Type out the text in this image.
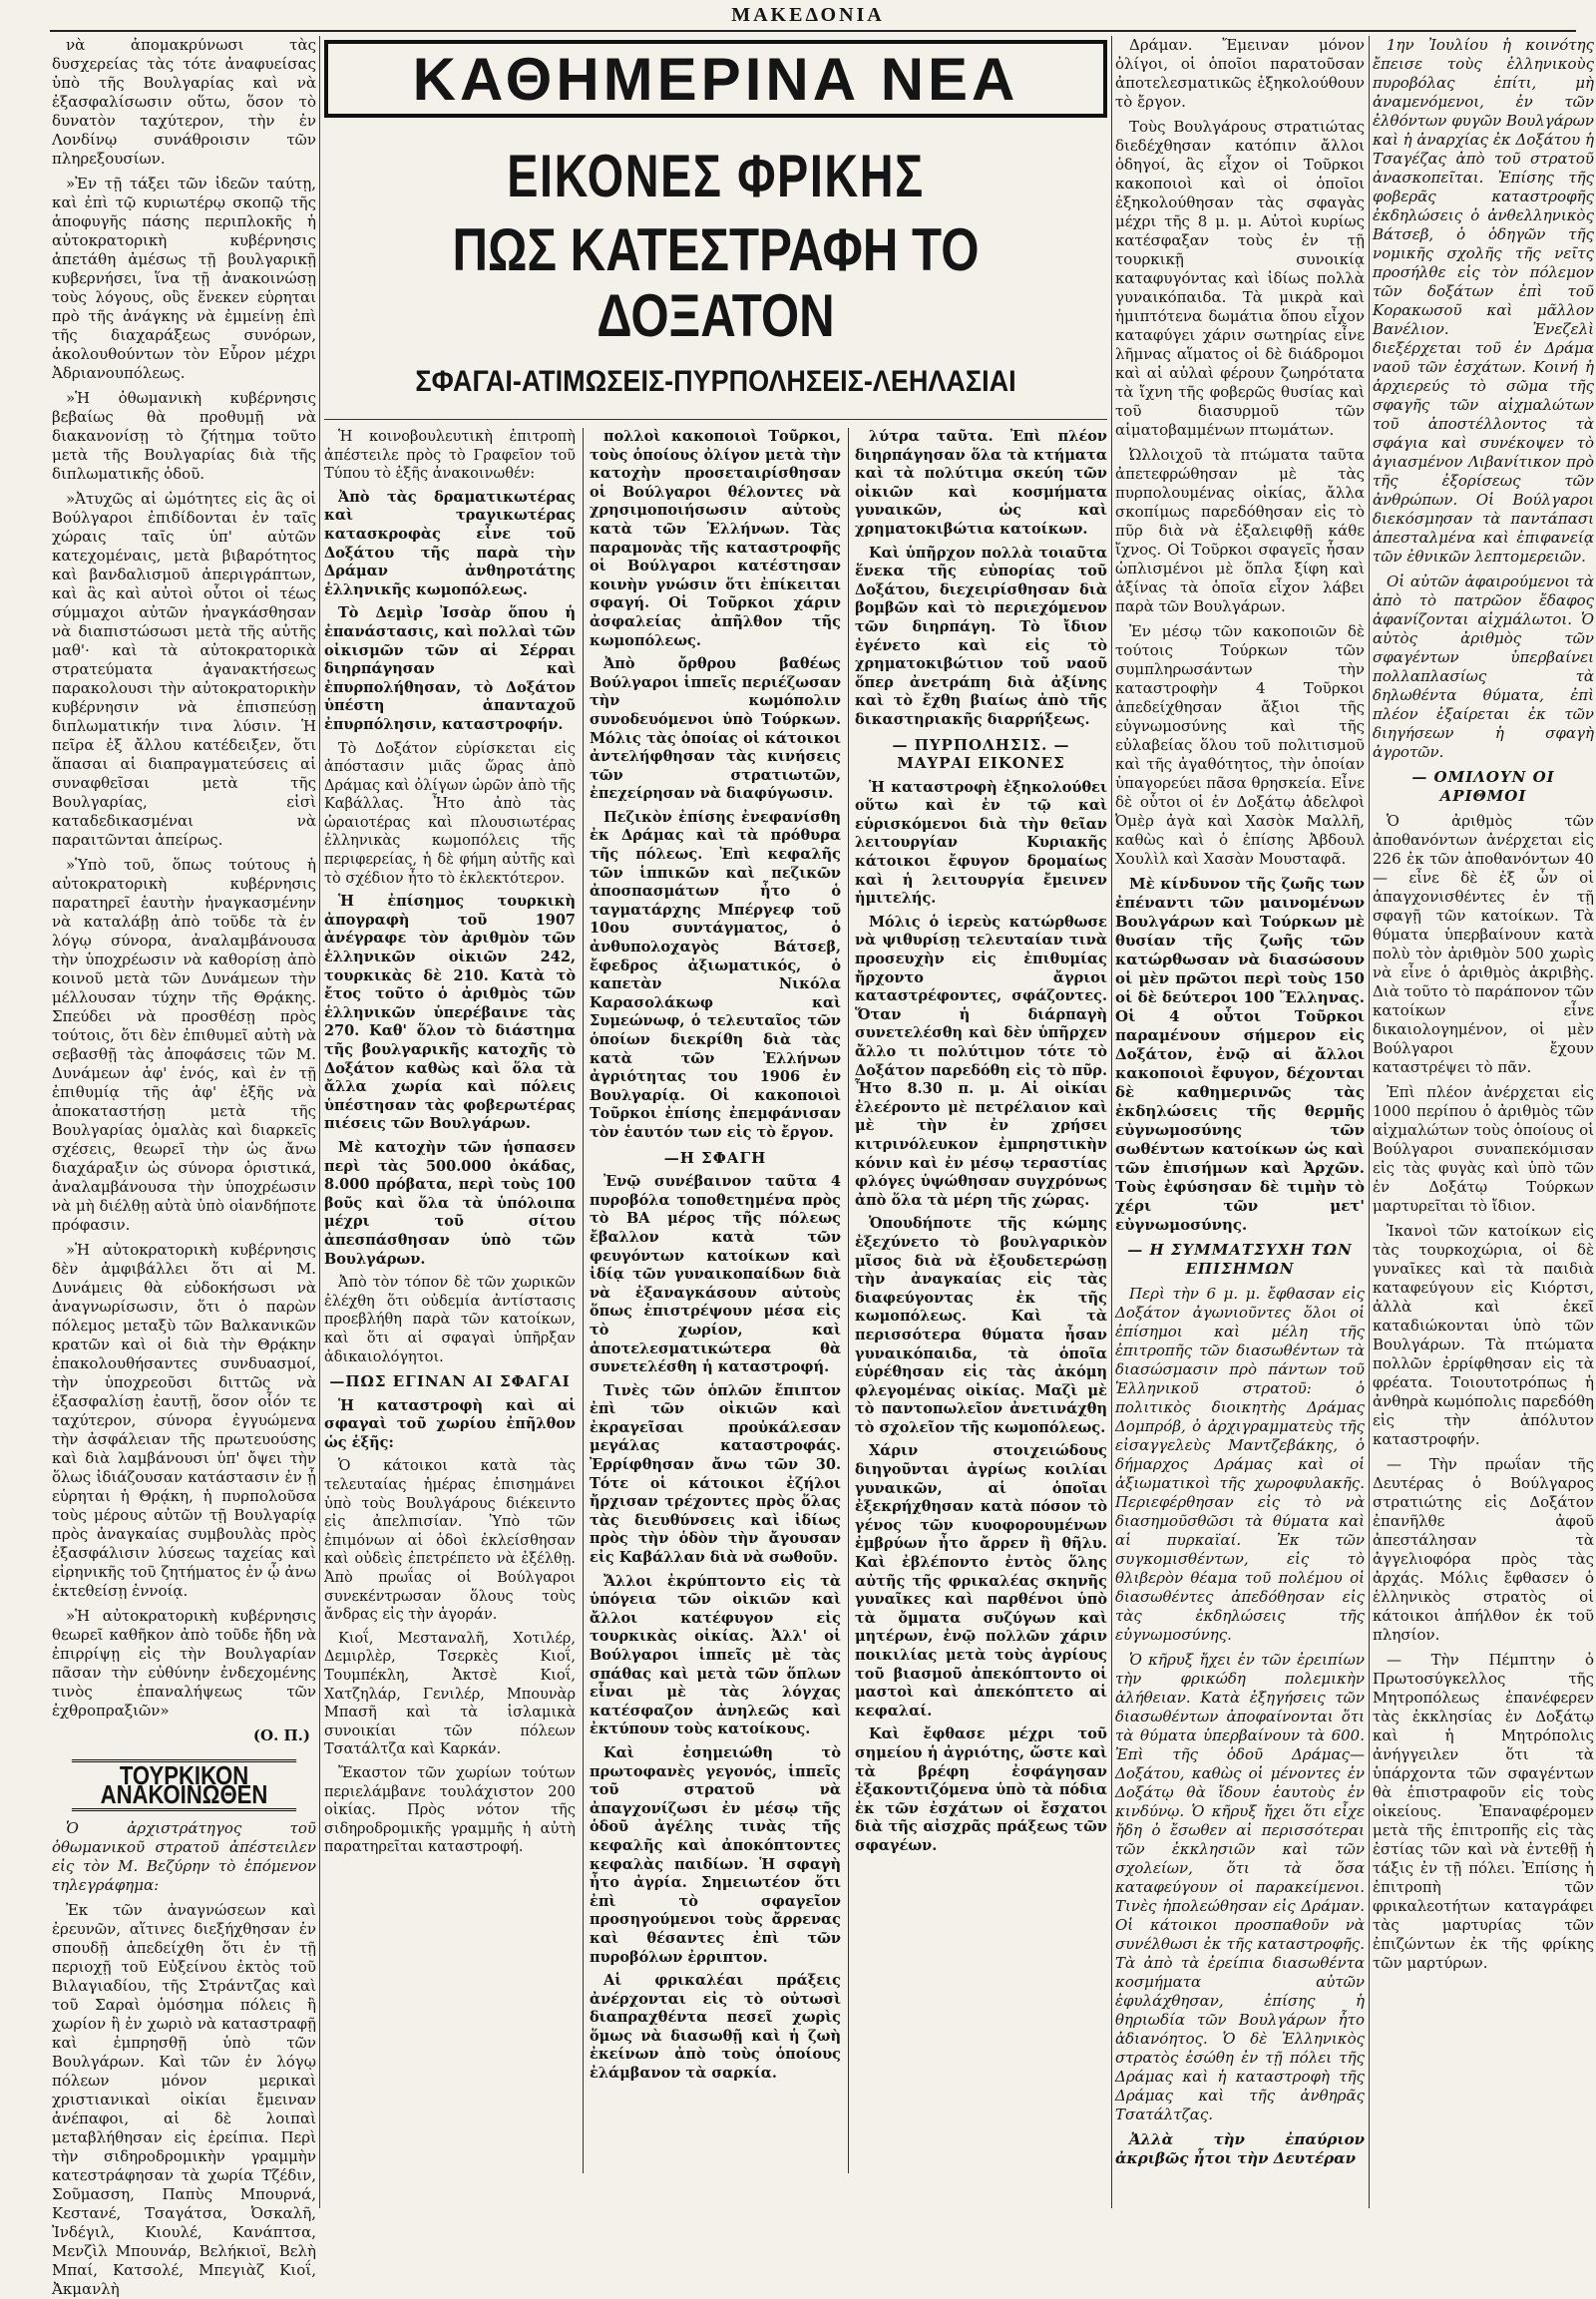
ΜΑΚΕΔΟΝΙΑ

νὰ ἀπομακρύνωσι τὰς δυσχερείας τὰς τότε ἀναφυείσας ὑπὸ τῆς Βουλγαρίας καὶ νὰ ἐξασφαλίσωσιν οὕτω, ὅσον τὸ δυνατὸν ταχύτερον, τὴν ἐν Λονδίνῳ συνάθροισιν τῶν πληρεξουσίων.

»Ἐν τῇ τάξει τῶν ἰδεῶν ταύτῃ, καὶ ἐπὶ τῷ κυριωτέρῳ σκοπῷ τῆς ἀποφυγῆς πάσης περιπλοκῆς ἡ αὐτοκρατορικὴ κυβέρνησις ἀπετάθη ἀμέσως τῇ βουλγαρικῇ κυβερνήσει, ἵνα τῇ ἀνακοινώσῃ τοὺς λόγους, οὓς ἕνεκεν εὑρηται πρὸ τῆς ἀνάγκης νὰ ἐμμείνῃ ἐπὶ τῆς διαχαράξεως συνόρων, ἀκολουθούντων τὸν Εὗρον μέχρι Ἀδριανουπόλεως.

»Ἡ ὀθωμανικὴ κυβέρνησις βεβαίως θὰ προθυμῇ νὰ διακανονίσῃ τὸ ζήτημα τοῦτο μετὰ τῆς Βουλγαρίας διὰ τῆς διπλωματικῆς ὁδοῦ.

»Ἀτυχῶς αἱ ὠμότητες εἰς ἃς οἱ Βούλγαροι ἐπιδίδονται ἐν ταῖς χώραις ταῖς ὑπ' αὐτῶν κατεχομέναις, μετὰ βιβαρότητος καὶ βανδαλισμοῦ ἀπεριγράπτων, καὶ ἃς καὶ αὐτοὶ οὗτοι οἱ τέως σύμμαχοι αὐτῶν ἠναγκάσθησαν νὰ διαπιστώσωσι μετὰ τῆς αὐτῆς μαθ'· καὶ τὰ αὐτοκρατορικὰ στρατεύματα ἀγανακτήσεως παρακολουσι τὴν αὐτοκρατορικὴν κυβέρνησιν νὰ ἐπισπεύσῃ διπλωματικήν τινα λύσιν. Ἡ πεῖρα ἐξ ἄλλου κατέδειξεν, ὅτι ἅπασαι αἱ διαπραγματεύσεις αἱ συναφθεῖσαι μετὰ τῆς Βουλγαρίας, εἰσὶ καταδεδικασμέναι νὰ παραιτῶνται ἀπείρως.

»Ὑπὸ τοῦ, ὅπως τούτους ἡ αὐτοκρατορικὴ κυβέρνησις παρατηρεῖ ἑαυτὴν ἠναγκασμένην νὰ καταλάβῃ ἀπὸ τοῦδε τὰ ἐν λόγῳ σύνορα, ἀναλαμβάνουσα τὴν ὑποχρέωσιν νὰ καθορίσῃ ἀπὸ κοινοῦ μετὰ τῶν Δυνάμεων τὴν μέλλουσαν τύχην τῆς Θρᾴκης. Σπεύδει νὰ προσθέσῃ πρὸς τούτοις, ὅτι δὲν ἐπιθυμεῖ αὐτὴ νὰ σεβασθῇ τὰς ἀποφάσεις τῶν Μ. Δυνάμεων ἀφ' ἑνός, καὶ ἐν τῇ ἐπιθυμίᾳ τῆς ἀφ' ἑξῆς νὰ ἀποκαταστήσῃ μετὰ τῆς Βουλγαρίας ὁμαλὰς καὶ διαρκεῖς σχέσεις, θεωρεῖ τὴν ὡς ἄνω διαχάραξιν ὡς σύνορα ὁριστικά, ἀναλαμβάνουσα τὴν ὑποχρέωσιν νὰ μὴ διέλθῃ αὐτὰ ὑπὸ οἱανδήποτε πρόφασιν.

»Ἡ αὐτοκρατορικὴ κυβέρνησις δὲν ἀμφιβάλλει ὅτι αἱ Μ. Δυνάμεις θὰ εὐδοκήσωσι νὰ ἀναγνωρίσωσιν, ὅτι ὁ παρὼν πόλεμος μεταξὺ τῶν Βαλκανικῶν κρατῶν καὶ οἱ διὰ τὴν Θρᾴκην ἐπακολουθήσαντες συνδυασμοί, τὴν ὑποχρεοῦσι διττῶς νὰ ἐξασφαλίσῃ ἑαυτῇ, ὅσον οἷόν τε ταχύτερον, σύνορα ἐγγυώμενα τὴν ἀσφάλειαν τῆς πρωτευούσης καὶ διὰ λαμβάνουσι ὑπ' ὄψει τὴν ὅλως ἰδιάζουσαν κατάστασιν ἐν ᾗ εὑρηται ἡ Θρᾴκη, ἡ πυρπολοῦσα τοὺς μέρους αὐτῶν τῇ Βουλγαρίᾳ πρὸς ἀναγκαίας συμβουλὰς πρὸς ἐξασφάλισιν λύσεως ταχείας καὶ εἰρηνικῆς τοῦ ζητήματος ἐν ᾧ ἀνω ἐκτεθείσῃ ἐννοίᾳ.

»Ἡ αὐτοκρατορικὴ κυβέρνησις θεωρεῖ καθῆκον ἀπὸ τοῦδε ἤδη νὰ ἐπιρρίψῃ εἰς τὴν Βουλγαρίαν πᾶσαν τὴν εὐθύνην ἐνδεχομένης τινὸς ἐπαναλήψεως τῶν ἐχθροπραξιῶν»

(Ο. Π.)
ΤΟΥΡΚΙΚΟΝ ΑΝΑΚΟΙΝΩΘΕΝ

Ὁ ἀρχιστράτηγος τοῦ ὀθωμανικοῦ στρατοῦ ἀπέστειλεν εἰς τὸν Μ. Βεζύρην τὸ ἑπόμενον τηλεγράφημα:

Ἐκ τῶν ἀναγνώσεων καὶ ἐρευνῶν, αἵτινες διεξήχθησαν ἐν σπουδῇ ἀπεδείχθη ὅτι ἐν τῇ περιοχῇ τοῦ Εὐξείνου ἐκτὸς τοῦ Βιλαγιαδίου, τῆς Στράντζας καὶ τοῦ Σαραὶ ὁμόσημα πόλεις ἢ χωρίον ἢ ἐν χωριὸ νὰ καταστραφῇ καὶ ἐμπρησθῇ ὑπὸ τῶν Βουλγάρων. Καὶ τῶν ἐν λόγῳ πόλεων μόνον μερικαὶ χριστιανικαὶ οἰκίαι ἔμειναν ἀνέπαφοι, αἱ δὲ λοιπαὶ μεταβλήθησαν εἰς ἐρείπια. Περὶ τὴν σιδηροδρομικὴν γραμμὴν κατεστράφησαν τὰ χωρία Τζέδιν, Σοῦμασση, Παπὺς Μπουρνά, Κεστανέ, Τσαγάτσα, Ὀσκαλῆ, Ἰνδέγιλ, Κιουλέ, Κανάπτσα, Μενζὶλ Μπουνάρ, Βελήκιοϊ, Βελὴ Μπαί, Κατσολέ, Μπεγιὰζ Κιοΐ, Ἀκμανλὴ

ΚΑΘΗΜΕΡΙΝΑ ΝΕΑ
ΕΙΚΟΝΕΣ ΦΡΙΚΗΣ
ΠΩΣ ΚΑΤΕΣΤΡΑΦΗ ΤΟ ΔΟΞΑΤΟΝ
ΣΦΑΓΑΙ-ΑΤΙΜΩΣΕΙΣ-ΠΥΡΠΟΛΗΣΕΙΣ-ΛΕΗΛΑΣΙΑΙ

Ἡ κοινοβουλευτικὴ ἐπιτροπὴ ἀπέστειλε πρὸς τὸ Γραφεῖον τοῦ Τύπου τὸ ἑξῆς ἀνακοινωθέν:

Ἀπὸ τὰς δραματικωτέρας καὶ τραγικωτέρας κατασκροφὰς εἶνε τοῦ Δοξάτου τῆς παρὰ τὴν Δράμαν ἀνθηροτάτης ἑλληνικῆς κωμοπόλεως.

Τὸ Δεμὶρ Ἰσσὰρ ὅπου ἡ ἐπανάστασις, καὶ πολλαὶ τῶν οἰκισμῶν τῶν αἱ Σέρραι διηρπάγησαν καὶ ἐπυρπολήθησαν, τὸ Δοξάτον ὑπέστη ἁπανταχοῦ ἐπυρπόλησιν, καταστροφήν.

Τὸ Δοξάτον εὑρίσκεται εἰς ἀπόστασιν μιᾶς ὥρας ἀπὸ Δράμας καὶ ὀλίγων ὡρῶν ἀπὸ τῆς Καβάλλας. Ἦτο ἀπὸ τὰς ὡραιοτέρας καὶ πλουσιωτέρας ἐλληνικὰς κωμοπόλεις τῆς περιφερείας, ἡ δὲ φήμη αὐτῆς καὶ τὸ σχέδιον ἦτο τὸ ἐκλεκτότερον.

Ἡ ἐπίσημος τουρκικὴ ἀπογραφὴ τοῦ 1907 ἀνέγραφε τὸν ἀριθμὸν τῶν ἑλληνικῶν οἰκιῶν 242, τουρκικὰς δὲ 210. Κατὰ τὸ ἔτος τοῦτο ὁ ἀριθμὸς τῶν ἑλληνικῶν ὑπερέβαινε τὰς 270. Καθ' ὅλον τὸ διάστημα τῆς βουλγαρικῆς κατοχῆς τὸ Δοξάτον καθὼς καὶ ὅλα τὰ ἄλλα χωρία καὶ πόλεις ὑπέστησαν τὰς φοβερωτέρας πιέσεις τῶν Βουλγάρων.

Μὲ κατοχὴν τῶν ἡσπασεν περὶ τὰς 500.000 ὀκάδας, 8.000 πρόβατα, περὶ τοὺς 100 βοῦς καὶ ὅλα τὰ ὑπόλοιπα μέχρι τοῦ σίτου ἀπεσπάσθησαν ὑπὸ τῶν Βουλγάρων.

Ἀπὸ τὸν τόπον δὲ τῶν χωρικῶν ἐλέχθη ὅτι οὐδεμία ἀντίστασις προεβλήθη παρὰ τῶν κατοίκων, καὶ ὅτι αἱ σφαγαὶ ὑπῆρξαν ἀδικαιολόγητοι.

—ΠΩΣ ΕΓΙΝΑΝ ΑΙ ΣΦΑΓΑΙ

Ἡ καταστροφὴ καὶ αἱ σφαγαὶ τοῦ χωρίου ἐπῆλθον ὡς ἑξῆς:

Ὁ κάτοικοι κατὰ τὰς τελευταίας ἡμέρας ἐπισημάνει ὑπὸ τοὺς Βουλγάρους διέκειντο εἰς ἀπελπισίαν. Ὑπὸ τῶν ἐπιμόνων αἱ ὁδοὶ ἐκλείσθησαν καὶ οὐδεὶς ἐπετρέπετο νὰ ἐξέλθῃ. Ἀπὸ πρωΐας οἱ Βούλγαροι συνεκέντρωσαν ὅλους τοὺς ἄνδρας εἰς τὴν ἀγοράν.

Κιοΐ, Μεσταναλῆ, Χοτιλέρ, Δεμιρλὲρ, Τσερκὲς Κιοΐ, Τουμπέκλη, Ἀκτσὲ Κιοΐ, Χατζηλάρ, Γενιλέρ, Μπουνὰρ Μπασῆ καὶ τὰ ἰσλαμικὰ συνοικίαι τῶν πόλεων Τσατάλτζα καὶ Καρκάν.

Ἔκαστον τῶν χωρίων τούτων περιελάμβανε τουλάχιστον 200 οἰκίας. Πρὸς νότον τῆς σιδηροδρομικῆς γραμμῆς ἡ αὐτὴ παρατηρεῖται καταστροφή.

πολλοὶ κακοποιοὶ Τοῦρκοι, τοὺς ὁποίους ὀλίγον μετὰ τὴν κατοχὴν προσεταιρίσθησαν οἱ Βούλγαροι θέλοντες νὰ χρησιμοποιήσωσιν αὐτοὺς κατὰ τῶν Ἑλλήνων. Τὰς παραμονὰς τῆς καταστροφῆς οἱ Βούλγαροι κατέστησαν κοινὴν γνώσιν ὅτι ἐπίκειται σφαγή. Οἱ Τοῦρκοι χάριν ἀσφαλείας ἀπῆλθον τῆς κωμοπόλεως.

Ἀπὸ ὄρθρου βαθέως Βούλγαροι ἱππεῖς περιέζωσαν τὴν κωμόπολιν συνοδευόμενοι ὑπὸ Τούρκων. Μόλις τὰς ὁποίας οἱ κάτοικοι ἀντελήφθησαν τὰς κινήσεις τῶν στρατιωτῶν, ἐπεχείρησαν νὰ διαφύγωσιν.

Πεζικὸν ἐπίσης ἐνεφανίσθη ἐκ Δράμας καὶ τὰ πρόθυρα τῆς πόλεως. Ἐπὶ κεφαλῆς τῶν ἱππικῶν καὶ πεζικῶν ἀποσπασμάτων ἦτο ὁ ταγματάρχης Μπέργεφ τοῦ 10ου συντάγματος, ὁ ἀνθυπολοχαγὸς Βάτσεβ, ἔφεδρος ἀξιωματικός, ὁ καπετὰν Νικόλα Καρασολάκωφ καὶ Συμεώνωφ, ὁ τελευταῖος τῶν ὁποίων διεκρίθη διὰ τὰς κατὰ τῶν Ἑλλήνων ἀγριότητας του 1906 ἐν Βουλγαρίᾳ. Οἱ κακοποιοὶ Τοῦρκοι ἐπίσης ἐπεμφάνισαν τὸν ἑαυτόν των εἰς τὸ ἔργον.

—Η ΣΦΑΓΗ

Ἐνῷ συνέβαινον ταῦτα 4 πυροβόλα τοποθετημένα πρὸς τὸ ΒΑ μέρος τῆς πόλεως ἔβαλλον κατὰ τῶν φευγόντων κατοίκων καὶ ἰδίᾳ τῶν γυναικοπαίδων διὰ νὰ ἐξαναγκάσουν αὐτοὺς ὅπως ἐπιστρέψουν μέσα εἰς τὸ χωρίον, καὶ ἀποτελεσματικώτερα θὰ συνετελέσθη ἡ καταστροφή.

Τινὲς τῶν ὁπλῶν ἔπιπτον ἐπὶ τῶν οἰκιῶν καὶ ἐκραγεῖσαι προὐκάλεσαν μεγάλας καταστροφάς. Ἐρρίφθησαν ἄνω τῶν 30. Τότε οἱ κάτοικοι ἐζήλοι ἤρχισαν τρέχοντες πρὸς ὅλας τὰς διευθύνσεις καὶ ἰδίως πρὸς τὴν ὁδὸν τὴν ἄγουσαν εἰς Καβάλλαν διὰ νὰ σωθοῦν.

Ἄλλοι ἐκρύπτοντο εἰς τὰ ὑπόγεια τῶν οἰκιῶν καὶ ἄλλοι κατέφυγον εἰς τουρκικὰς οἰκίας. Ἀλλ' οἱ Βούλγαροι ἱππεῖς μὲ τὰς σπάθας καὶ μετὰ τῶν ὅπλων εἶναι μὲ τὰς λόγχας κατέσφαζον ἀνηλεῶς καὶ ἐκτύπουν τοὺς κατοίκους.

Καὶ ἐσημειώθη τὸ πρωτοφανὲς γεγονός, ἱππεῖς τοῦ στρατοῦ νὰ ἀπαγχονίζωσι ἐν μέσῳ τῆς ὁδοῦ ἀγέλης τινὰς τῆς κεφαλῆς καὶ ἀποκόπτοντες κεφαλὰς παιδίων. Ἡ σφαγὴ ἦτο ἀγρία. Σημειωτέον ὅτι ἐπὶ τὸ σφαγεῖον προσηγούμενοι τοὺς ἄρρενας καὶ θέσαντες ἐπὶ τῶν πυροβόλων ἐρριπτον.

Αἱ φρικαλέαι πράξεις ἀνέρχονται εἰς τὸ οὐτωσὶ διαπραχθέντα πεσεῖ χωρὶς ὅμως νὰ διασωθῇ καὶ ἡ ζωὴ ἐκείνων ἀπὸ τοὺς ὁποίους ἐλάμβανον τὰ σαρκία.

λύτρα ταῦτα. Ἐπὶ πλέον διηρπάγησαν ὅλα τὰ κτήματα καὶ τὰ πολύτιμα σκεύη τῶν οἰκιῶν καὶ κοσμήματα γυναικῶν, ὡς καὶ χρηματοκιβώτια κατοίκων.

Καὶ ὑπῆρχον πολλὰ τοιαῦτα ἕνεκα τῆς εὐπορίας τοῦ Δοξάτου, διεχειρίσθησαν διὰ βομβῶν καὶ τὸ περιεχόμενον τῶν διηρπάγη. Τὸ ἴδιον ἐγένετο καὶ εἰς τὸ χρηματοκιβώτιον τοῦ ναοῦ ὅπερ ἀνετράπη διὰ ἀξίνης καὶ τὸ ἔχθη βιαίως ἀπὸ τῆς δικαστηριακῆς διαρρήξεως.

— ΠΥΡΠΟΛΗΣΙΣ. — ΜΑΥΡΑΙ ΕΙΚΟΝΕΣ

Ἡ καταστροφὴ ἐξηκολούθει οὕτω καὶ ἐν τῷ καὶ εὑρισκόμενοι διὰ τὴν θεῖαν λειτουργίαν Κυριακῆς κάτοικοι ἔφυγον δρομαίως καὶ ἡ λειτουργία ἔμεινεν ἡμιτελής.

Μόλις ὁ ἱερεὺς κατώρθωσε νὰ ψιθυρίσῃ τελευταίαν τινὰ προσευχὴν εἰς ἐπιθυμίας ἤρχοντο ἄγριοι καταστρέφοντες, σφάζοντες. Ὅταν ἡ διάρπαγὴ συνετελέσθη καὶ δὲν ὑπῆρχεν ἄλλο τι πολύτιμον τότε τὸ Δοξάτον παρεδόθη εἰς τὸ πῦρ. Ἦτο 8.30 π. μ. Αἱ οἰκίαι ἐλεέροντο μὲ πετρέλαιον καὶ μὲ τὴν ἐν χρήσει κιτρινόλευκον ἐμπρηστικὴν κόνιν καὶ ἐν μέσῳ τεραστίας φλόγες ὑψώθησαν συγχρόνως ἀπὸ ὅλα τὰ μέρη τῆς χώρας.

Ὁπουδήποτε τῆς κώμης ἐξεχύνετο τὸ βουλγαρικὸν μῖσος διὰ νὰ ἐξουδετερώσῃ τὴν ἀναγκαίας εἰς τὰς διαφεύγοντας ἐκ τῆς κωμοπόλεως. Καὶ τὰ περισσότερα θύματα ἦσαν γυναικόπαιδα, τὰ ὁποῖα εὑρέθησαν εἰς τὰς ἀκόμη φλεγομένας οἰκίας. Μαζὶ μὲ τὸ παντοπωλεῖον ἀνετινάχθη τὸ σχολεῖον τῆς κωμοπόλεως.

Χάριν στοιχειώδους διηγοῦνται ἀγρίως κοιλίαι γυναικῶν, αἱ ὁποῖαι ἐξεκρήχθησαν κατὰ πόσον τὸ γένος τῶν κυοφορουμένων ἐμβρύων ἦτο ἄρρεν ἢ θῆλυ. Καὶ ἐβλέποντο ἐντὸς ὅλης αὐτῆς τῆς φρικαλέας σκηνῆς γυναῖκες καὶ παρθένοι ὑπὸ τὰ ὄμματα συζύγων καὶ μητέρων, ἐνῷ πολλῶν χάριν ποικιλίας μετὰ τοὺς ἀγρίους τοῦ βιασμοῦ ἀπεκόπτοντο οἱ μαστοὶ καὶ ἀπεκόπτετο αἱ κεφαλαί.

Καὶ ἔφθασε μέχρι τοῦ σημείου ἡ ἀγριότης, ὥστε καὶ τὰ βρέφη ἐσφάγησαν ἐξακοντιζόμενα ὑπὸ τὰ πόδια ἐκ τῶν ἐσχάτων οἱ ἔσχατοι διὰ τῆς αἰσχρᾶς πράξεως τῶν σφαγέων.

Δράμαν. Ἔμειναν μόνον ὀλίγοι, οἱ ὁποῖοι παρατοῦσαν ἀποτελεσματικῶς ἐξηκολούθουν τὸ ἔργον.

Τοὺς Βουλγάρους στρατιώτας διεδέχθησαν κατόπιν ἄλλοι ὁδηγοί, ἃς εἶχον οἱ Τοῦρκοι κακοποιοὶ καὶ οἱ ὁποῖοι ἐξηκολούθησαν τὰς σφαγὰς μέχρι τῆς 8 μ. μ. Αὐτοὶ κυρίως κατέσφαξαν τοὺς ἐν τῇ τουρκικῇ συνοικίᾳ καταφυγόντας καὶ ἰδίως πολλὰ γυναικόπαιδα. Τὰ μικρὰ καὶ ἡμιπτότενα δωμάτια ὅπου εἶχον καταφύγει χάριν σωτηρίας εἶνε λῆμνας αἵματος οἱ δὲ διάδρομοι καὶ αἱ αὐλαὶ φέρουν ζωηρότατα τὰ ἴχνη τῆς φοβερῶς θυσίας καὶ τοῦ διασυρμοῦ τῶν αἱματοβαμμένων πτωμάτων.

Ὠλλοιχοῦ τὰ πτώματα ταῦτα ἀπετεφρώθησαν μὲ τὰς πυρπολουμένας οἰκίας, ἄλλα σκοπίμως παρεδόθησαν εἰς τὸ πῦρ διὰ νὰ ἐξαλειφθῇ κάθε ἴχνος. Οἱ Τοῦρκοι σφαγεῖς ἦσαν ὡπλισμένοι μὲ ὅπλα ξίφη καὶ ἀξίνας τὰ ὁποῖα εἶχον λάβει παρὰ τῶν Βουλγάρων.

Ἐν μέσῳ τῶν κακοποιῶν δὲ τούτοις Τούρκων τῶν συμπληρωσάντων τὴν καταστροφὴν 4 Τοῦρκοι ἀπεδείχθησαν ἄξιοι τῆς εὐγνωμοσύνης καὶ τῆς εὐλαβείας ὅλου τοῦ πολιτισμοῦ καὶ τῆς ἀγαθότητος, τὴν ὁποίαν ὑπαγορεύει πᾶσα θρησκεία. Εἶνε δὲ οὗτοι οἱ ἐν Δοξάτῳ ἀδελφοὶ Ὀμὲρ ἀγὰ καὶ Χασὸκ Μαλλῆ, καθὼς καὶ ὁ ἐπίσης Ἀβδουλ Χουλὶλ καὶ Χασὰν Μουσταφᾶ.

Μὲ κίνδυνον τῆς ζωῆς των ἐπέναντι τῶν μαινομένων Βουλγάρων καὶ Τούρκων μὲ θυσίαν τῆς ζωῆς τῶν κατώρθωσαν νὰ διασώσουν οἱ μὲν πρῶτοι περὶ τοὺς 150 οἱ δὲ δεύτεροι 100 Ἕλληνας. Οἱ 4 οὗτοι Τοῦρκοι παραμένουν σήμερον εἰς Δοξάτον, ἐνῷ αἱ ἄλλοι κακοποιοὶ ἔφυγον, δέχονται δὲ καθημερινῶς τὰς ἐκδηλώσεις τῆς θερμῆς εὐγνωμοσύνης τῶν σωθέντων κατοίκων ὡς καὶ τῶν ἐπισήμων καὶ Ἀρχῶν. Τοὺς ἐφύσησαν δὲ τιμὴν τὸ χέρι τῶν μετ' εὐγνωμοσύνης.

— Η ΣΥΜΜΑΤΣΥΧΗ ΤΩΝ ΕΠΙΣΗΜΩΝ

Περὶ τὴν 6 μ. μ. ἔφθασαν εἰς Δοξάτον ἀγωνιοῦντες ὅλοι οἱ ἐπίσημοι καὶ μέλη τῆς ἐπιτροπῆς τῶν διασωθέντων τὰ διασώσμασιν πρὸ πάντων τοῦ Ἑλληνικοῦ στρατοῦ: ὁ πολιτικὸς διοικητὴς Δράμας Δομπρόβ, ὁ ἀρχιγραμματεὺς τῆς εἰσαγγελεὺς Μαντζεβάκης, ὁ δήμαρχος Δράμας καὶ οἱ ἀξιωματικοὶ τῆς χωροφυλακῆς. Περιεφέρθησαν εἰς τὸ νὰ διασημοῦσθῶσι τὰ θύματα καὶ αἱ πυρκαϊαί. Ἐκ τῶν συγκομισθέντων, εἰς τὸ θλιβερὸν θέαμα τοῦ πολέμου οἱ διασωθέντες ἀπεδόθησαν εἰς τὰς ἐκδηλώσεις τῆς εὐγνωμοσύνης.

Ὁ κῆρυξ ἤχει ἐν τῶν ἐρειπίων τὴν φρικώδη πολεμικὴν ἀλήθειαν. Κατὰ ἐξηγήσεις τῶν διασωθέντων ἀποφαίνονται ὅτι τὰ θύματα ὑπερβαίνουν τὰ 600. Ἐπὶ τῆς ὁδοῦ Δράμας— Δοξάτου, καθὼς οἱ μένοντες ἐν Δοξάτῳ θὰ ἴδουν ἑαυτοὺς ἐν κινδύνῳ. Ὁ κῆρυξ ἤχει ὅτι εἶχε ἤδη ὁ ἔσωθεν αἰ περισσότεραι τῶν ἐκκλησιῶν καὶ τῶν σχολείων, ὅτι τὰ ὅσα καταφεύγουν οἱ παρακείμενοι. Τινὲς ἠπολεώθησαν εἰς Δράμαν. Οἱ κάτοικοι προσπαθοῦν νὰ συνέλθωσι ἐκ τῆς καταστροφῆς. Τὰ ἀπὸ τὰ ἐρείπια διασωθέντα κοσμήματα αὐτῶν ἐφυλάχθησαν, ἐπίσης ἡ θηριωδία τῶν Βουλγάρων ἦτο ἀδιανόητος. Ὁ δὲ Ἑλληνικὸς στρατὸς ἐσώθη ἐν τῇ πόλει τῆς Δράμας καὶ ἡ καταστροφὴ τῆς Δράμας καὶ τῆς ἀνθηρᾶς Τσατάλτζας.

Ἀλλὰ τὴν ἐπαύριον ἀκριβῶς ἦτοι τὴν Δευτέραν

1ην Ἰουλίου ἡ κοινότης ἔπεισε τοὺς ἐλληνικοὺς πυροβόλας ἐπίτι, μὴ ἀναμενόμενοι, ἐν τῶν ἐλθόντων φυγῶν Βουλγάρων καὶ ἡ ἀναρχίας ἐκ Δοξάτου ἡ Τσαγέζας ἀπὸ τοῦ στρατοῦ ἀνασκοπεῖται. Ἐπίσης τῆς φοβερᾶς καταστροφῆς ἐκδηλώσεις ὁ ἀνθελληνικὸς Βάτσεβ, ὁ ὁδηγῶν τῆς νομικῆς σχολῆς τῆς νεῖτς προσήλθε εἰς τὸν πόλεμον τῶν δοξάτων ἐπὶ τοῦ Κορακωσοῦ καὶ μᾶλλον Βανέλιον. Ἐνεζελὶ διεξέρχεται τοῦ ἐν Δράμα ναοῦ τῶν ἐσχάτων. Κοινή ἡ ἀρχιερεύς τὸ σῶμα τῆς σφαγῆς τῶν αἰχμαλώτων τοῦ ἀποστέλλοντος τὰ σφάγια καὶ συνέκοψεν τὸ ἀγιασμένον Λιβανίτικον πρὸ τῆς ἐξορίσεως τῶν ἀνθρώπων. Οἱ Βούλγαροι διεκόσμησαν τὰ παντάπασι ἀπεσταλμένα καὶ ἐπιφανείᾳ τῶν ἐθνικῶν λεπτομερειῶν.

Οἱ αὐτῶν ἀφαιρούμενοι τὰ ἀπὸ τὸ πατρῶον ἔδαφος ἀφανίζονται αἰχμάλωτοι. Ὁ αὐτὸς ἀριθμὸς τῶν σφαγέντων ὑπερβαίνει πολλαπλασίως τὰ δηλωθέντα θύματα, ἐπὶ πλέον ἐξαίρεται ἐκ τῶν διηγήσεων ἡ σφαγὴ ἀγροτῶν.

— ΟΜΙΛΟΥΝ ΟΙ ΑΡΙΘΜΟΙ

Ὁ ἀριθμὸς τῶν ἀποθανόντων ἀνέρχεται εἰς 226 ἐκ τῶν ἀποθανόντων 40 — εἶνε δὲ ἐξ ὧν οἱ ἀπαγχονισθέντες ἐν τῇ σφαγῇ τῶν κατοίκων. Τὰ θύματα ὑπερβαίνουν κατὰ πολὺ τὸν ἀριθμὸν 500 χωρὶς νὰ εἶνε ὁ ἀριθμὸς ἀκριβὴς. Διὰ τοῦτο τὸ παράπονον τῶν κατοίκων εἶνε δικαιολογημένον, οἱ μὲν Βούλγαροι ἔχουν καταστρέψει τὸ πᾶν.

Ἐπὶ πλέον ἀνέρχεται εἰς 1000 περίπου ὁ ἀριθμὸς τῶν αἰχμαλώτων τοὺς ὁποίους οἱ Βούλγαροι συναπεκόμισαν εἰς τὰς φυγὰς καὶ ὑπὸ τῶν ἐν Δοξάτῳ Τούρκων μαρτυρεῖται τὸ ἴδιον.

Ἱκανοὶ τῶν κατοίκων εἰς τὰς τουρκοχώρια, οἱ δὲ γυναῖκες καὶ τὰ παιδιὰ καταφεύγουν εἰς Κιόρτσι, ἀλλὰ καὶ ἐκεῖ καταδιώκονται ὑπὸ τῶν Βουλγάρων. Τὰ πτώματα πολλῶν ἐρρίφθησαν εἰς τὰ φρέατα. Τοιουτοτρόπως ἡ ἀνθηρὰ κωμόπολις παρεδόθη εἰς τὴν ἀπόλυτον καταστροφήν.

— Τὴν πρωΐαν τῆς Δευτέρας ὁ Βούλγαρος στρατιώτης εἰς Δοξάτον ἐπανῆλθε ἀφοῦ ἀπεστάλησαν τὰ ἀγγελιοφόρα πρὸς τὰς ἀρχάς. Μόλις ἔφθασεν ὁ ἑλληνικὸς στρατὸς οἱ κάτοικοι ἀπήλθον ἐκ τοῦ πλησίον.

— Τὴν Πέμπτην ὁ Πρωτοσύγκελλος τῆς Μητροπόλεως ἐπανέφερεν τὰς ἐκκλησίας ἐν Δοξάτῳ καὶ ἡ Μητρόπολις ἀνήγγειλεν ὅτι τὰ ὑπάρχοντα τῶν σφαγέντων θὰ ἐπιστραφοῦν εἰς τοὺς οἰκείους. Ἐπαναφέρομεν μετὰ τῆς ἐπιτροπῆς εἰς τὰς ἐστίας τῶν καὶ νὰ ἐντεθῇ ἡ τάξις ἐν τῇ πόλει. Ἐπίσης ἡ ἐπιτροπὴ τῶν φρικαλεοτήτων καταγράφει τὰς μαρτυρίας τῶν ἐπιζώντων ἐκ τῆς φρίκης τῶν μαρτύρων.
